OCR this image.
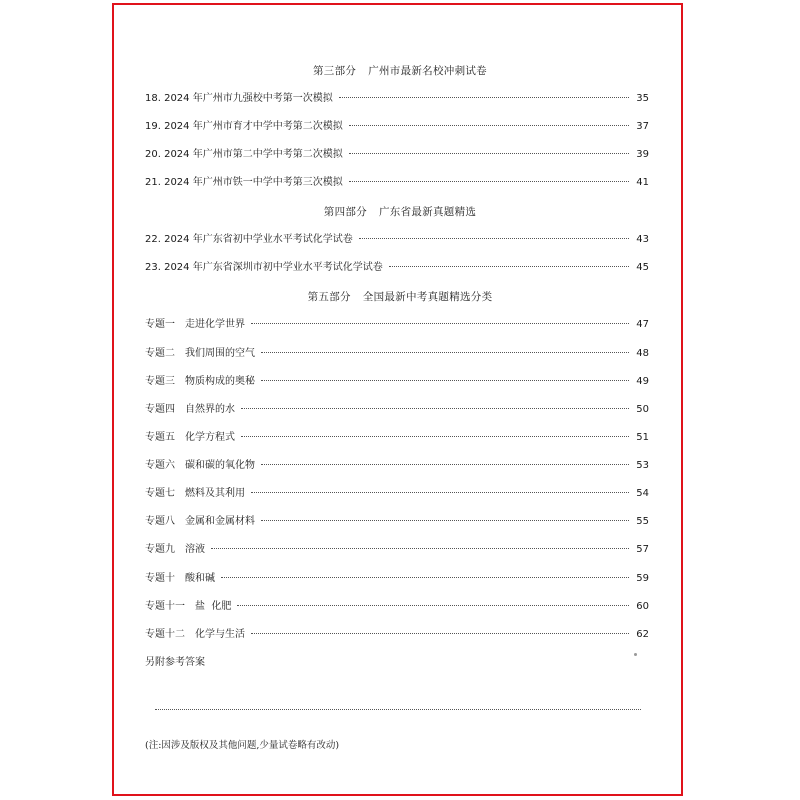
第三部分 广州市最新名校冲刺试卷
18. 2024 年广州市九强校中考第一次模拟	35
19. 2024 年广州市育才中学中考第二次模拟	37
20. 2024 年广州市第二中学中考第二次模拟	39
21. 2024 年广州市铁一中学中考第三次模拟	41
第四部分 广东省最新真题精选
22. 2024 年广东省初中学业水平考试化学试卷	43
23. 2024 年广东省深圳市初中学业水平考试化学试卷	45
第五部分 全国最新中考真题精选分类
专题一 走进化学世界	47
专题二 我们周围的空气	48
专题三 物质构成的奥秘	49
专题四 自然界的水	50
专题五 化学方程式	51
专题六 碳和碳的氧化物	53
专题七 燃料及其利用	54
专题八 金属和金属材料	55
专题九 溶液	57
专题十 酸和碱	59
专题十一 盐  化肥	60
专题十二 化学与生活	62
另附参考答案
(注:因涉及版权及其他问题,少量试卷略有改动)
